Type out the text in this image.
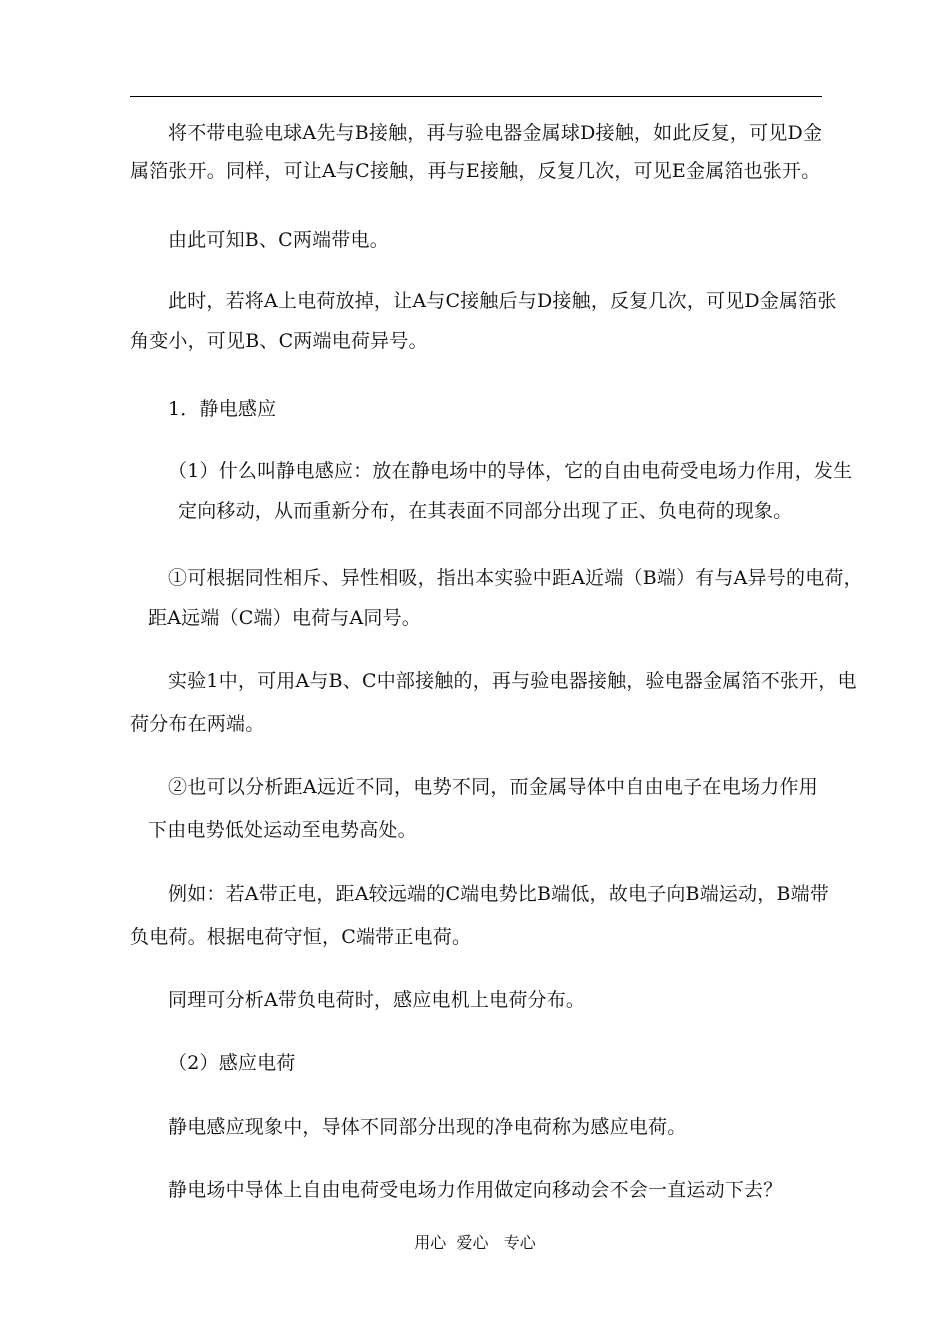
将不带电验电球A先与B接触，再与验电器金属球D接触，如此反复，可见D金
属箔张开。同样，可让A与C接触，再与E接触，反复几次，可见E金属箔也张开。
由此可知B、C两端带电。
此时，若将A上电荷放掉，让A与C接触后与D接触，反复几次，可见D金属箔张
角变小，可见B、C两端电荷异号。
1．静电感应
（1）什么叫静电感应：放在静电场中的导体，它的自由电荷受电场力作用，发生
定向移动，从而重新分布，在其表面不同部分出现了正、负电荷的现象。
①可根据同性相斥、异性相吸，指出本实验中距A近端（B端）有与A异号的电荷，
距A远端（C端）电荷与A同号。
实验1中，可用A与B、C中部接触的，再与验电器接触，验电器金属箔不张开，电
荷分布在两端。
②也可以分析距A远近不同，电势不同，而金属导体中自由电子在电场力作用
下由电势低处运动至电势高处。
例如：若A带正电，距A较远端的C端电势比B端低，故电子向B端运动，B端带
负电荷。根据电荷守恒，C端带正电荷。
同理可分析A带负电荷时，感应电机上电荷分布。
（2）感应电荷
静电感应现象中，导体不同部分出现的净电荷称为感应电荷。
静电场中导体上自由电荷受电场力作用做定向移动会不会一直运动下去？
用心  爱心   专心
